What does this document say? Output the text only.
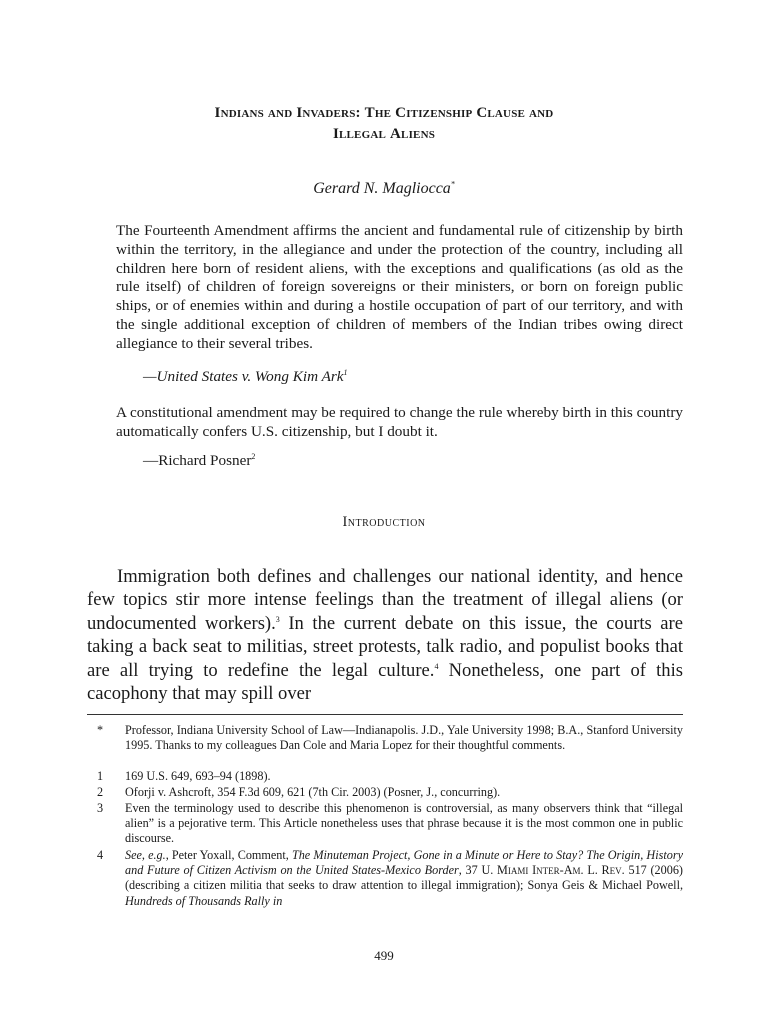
Indians and Invaders: The Citizenship Clause and
Illegal Aliens
Gerard N. Magliocca*
The Fourteenth Amendment affirms the ancient and fundamental rule of citizenship by birth within the territory, in the allegiance and under the protection of the country, including all children here born of resident aliens, with the exceptions and qualifications (as old as the rule itself) of children of foreign sovereigns or their ministers, or born on foreign public ships, or of enemies within and during a hostile occupation of part of our territory, and with the single additional exception of children of members of the Indian tribes owing direct allegiance to their several tribes.
—United States v. Wong Kim Ark$^1$
A constitutional amendment may be required to change the rule whereby birth in this country automatically confers U.S. citizenship, but I doubt it.
—Richard Posner$^2$
Introduction
Immigration both defines and challenges our national identity, and hence few topics stir more intense feelings than the treatment of illegal aliens (or undocumented workers).$^3$ In the current debate on this issue, the courts are taking a back seat to militias, street protests, talk radio, and populist books that are all trying to redefine the legal culture.$^4$ Nonetheless, one part of this cacophony that may spill over
*	Professor, Indiana University School of Law—Indianapolis. J.D., Yale University 1998; B.A., Stanford University 1995. Thanks to my colleagues Dan Cole and Maria Lopez for their thoughtful comments.
1	169 U.S. 649, 693–94 (1898).
2	Oforji v. Ashcroft, 354 F.3d 609, 621 (7th Cir. 2003) (Posner, J., concurring).
3	Even the terminology used to describe this phenomenon is controversial, as many observers think that “illegal alien” is a pejorative term. This Article nonetheless uses that phrase because it is the most common one in public discourse.
4	See, e.g., Peter Yoxall, Comment, The Minuteman Project, Gone in a Minute or Here to Stay? The Origin, History and Future of Citizen Activism on the United States-Mexico Border, 37 U. Miami Inter-Am. L. Rev. 517 (2006) (describing a citizen militia that seeks to draw attention to illegal immigration); Sonya Geis & Michael Powell, Hundreds of Thousands Rally in
499
